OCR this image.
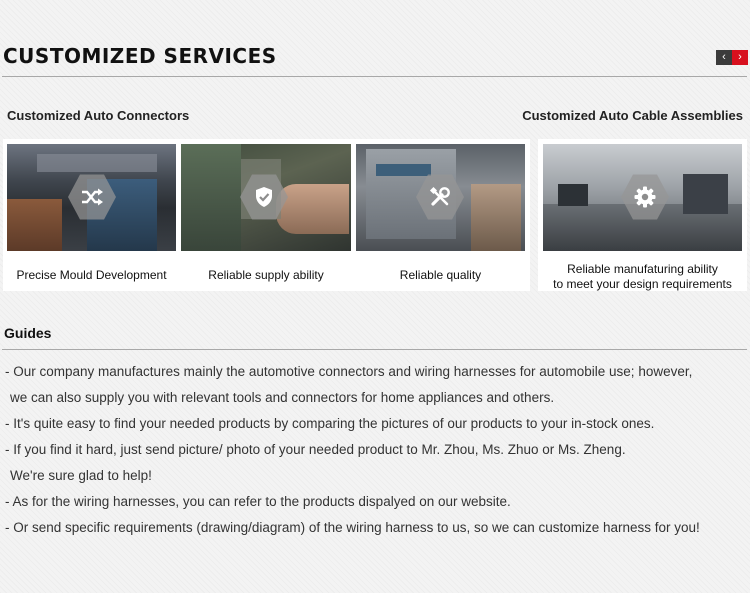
CUSTOMIZED SERVICES	‹	›
Customized Auto Connectors	Customized Auto Cable Assemblies
Precise Mould Development	Reliable supply ability	Reliable quality	Reliable manufaturing ability
to meet your design requirements
Guides
- Our company manufactures mainly the automotive connectors and wiring harnesses for automobile use; however,
we can also supply you with relevant tools and connectors for home appliances and others.
- It's quite easy to find your needed products by comparing the pictures of our products to your in-stock ones.
- If you find it hard, just send picture/ photo of your needed product to Mr. Zhou, Ms. Zhuo or Ms. Zheng.
We're sure glad to help!
- As for the wiring harnesses, you can refer to the products dispalyed on our website.
- Or send specific requirements (drawing/diagram) of the wiring harness to us, so we can customize harness for you!
